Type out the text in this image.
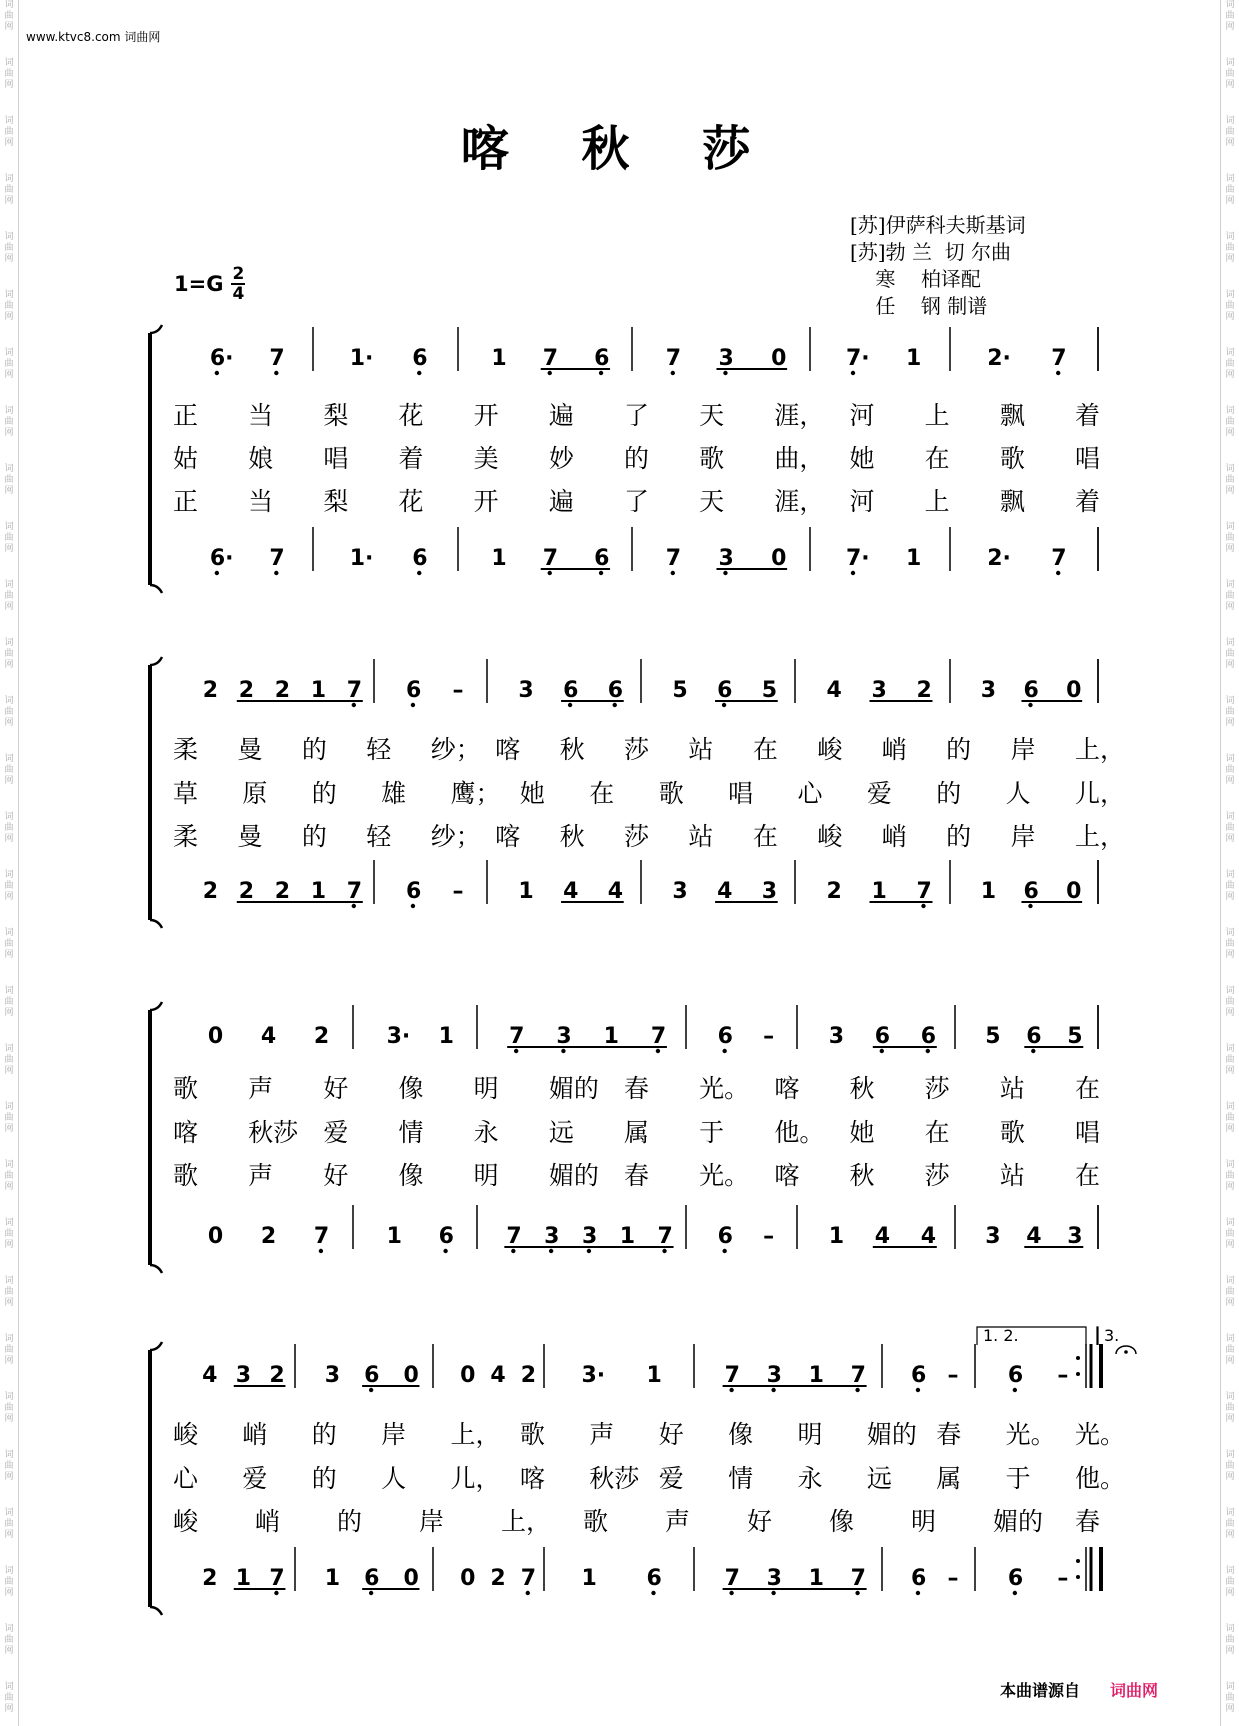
词
曲
网
词
曲
网
词
曲
网
词
曲
网
词
曲
网
词
曲
网
词
曲
网
词
曲
网
词
曲
网
词
曲
网
词
曲
网
词
曲
网
词
曲
网
词
曲
网
词
曲
网
词
曲
网
词
曲
网
词
曲
网
词
曲
网
词
曲
网
词
曲
网
词
曲
网
词
曲
网
词
曲
网
词
曲
网
词
曲
网
词
曲
网
词
曲
网
词
曲
网
词
曲
网
词
曲
网
词
曲
网
词
曲
网
词
曲
网
词
曲
网
词
曲
网
词
曲
网
词
曲
网
词
曲
网
词
曲
网
词
曲
网
词
曲
网
词
曲
网
词
曲
网
词
曲
网
词
曲
网
词
曲
网
词
曲
网
词
曲
网
词
曲
网
词
曲
网
词
曲
网
词
曲
网
词
曲
网
词
曲
网
词
曲
网
词
曲
网
词
曲
网
词
曲
网
词
曲
网
www.ktvc8.com 词曲网
喀 秋 莎
[苏]伊萨科夫斯基词
[苏]勃 兰  切 尔曲
寒    柏译配
任    钢 制谱
1=G 2
4
6· 7	1· 6	1 7 6	7 3 0	7· 1	2· 7
6· 7	1· 6	1 7 6	7 3 0	7· 1	2· 7
正 当 梨 花 开 遍 了 天 涯， 河 上 飘 着
姑 娘 唱 着 美 妙 的 歌 曲， 她 在 歌 唱
正 当 梨 花 开 遍 了 天 涯， 河 上 飘 着
2 2 2 1 7 6 – 3 6 6 5 6 5 4 3 2 3 6 0
2 2 2 1 7 6 – 1 4 4 3 4 3 2 1 7 1 6 0
柔 曼 的 轻 纱； 喀 秋 莎 站 在 峻 峭 的 岸 上，
草 原 的 雄 鹰； 她 在 歌 唱 心 爱 的 人 儿，
柔 曼 的 轻 纱； 喀 秋 莎 站 在 峻 峭 的 岸 上，
0 4 2	3· 1	7 3 1 7 6 – 3 6 6 5 6 5
0 2 7	1 6 7 3 3 1 7 6 – 1 4 4 3 4 3
歌 声 好 像 明 媚的 春 光。 喀 秋 莎 站 在
喀 秋莎 爱 情 永 远 属 于 他。 她 在 歌 唱
歌 声 好 像 明 媚的 春 光。 喀 秋 莎 站 在
4 3 2 3 6 0 0 4 2 3· 1	7 3 1 7 6 – 6 –
2 1 7 1 6 0 0 2 7 1 6	7 3 1 7 6 – 6 –
峻 峭 的 岸 上， 歌 声 好 像 明 媚的 春 光。 光。
心 爱 的 人 儿， 喀 秋莎 爱 情 永 远 属 于 他。
峻 峭 的 岸 上， 歌 声 好 像 明 媚的 春
1. 2.	3.
本曲谱源自 词曲网
